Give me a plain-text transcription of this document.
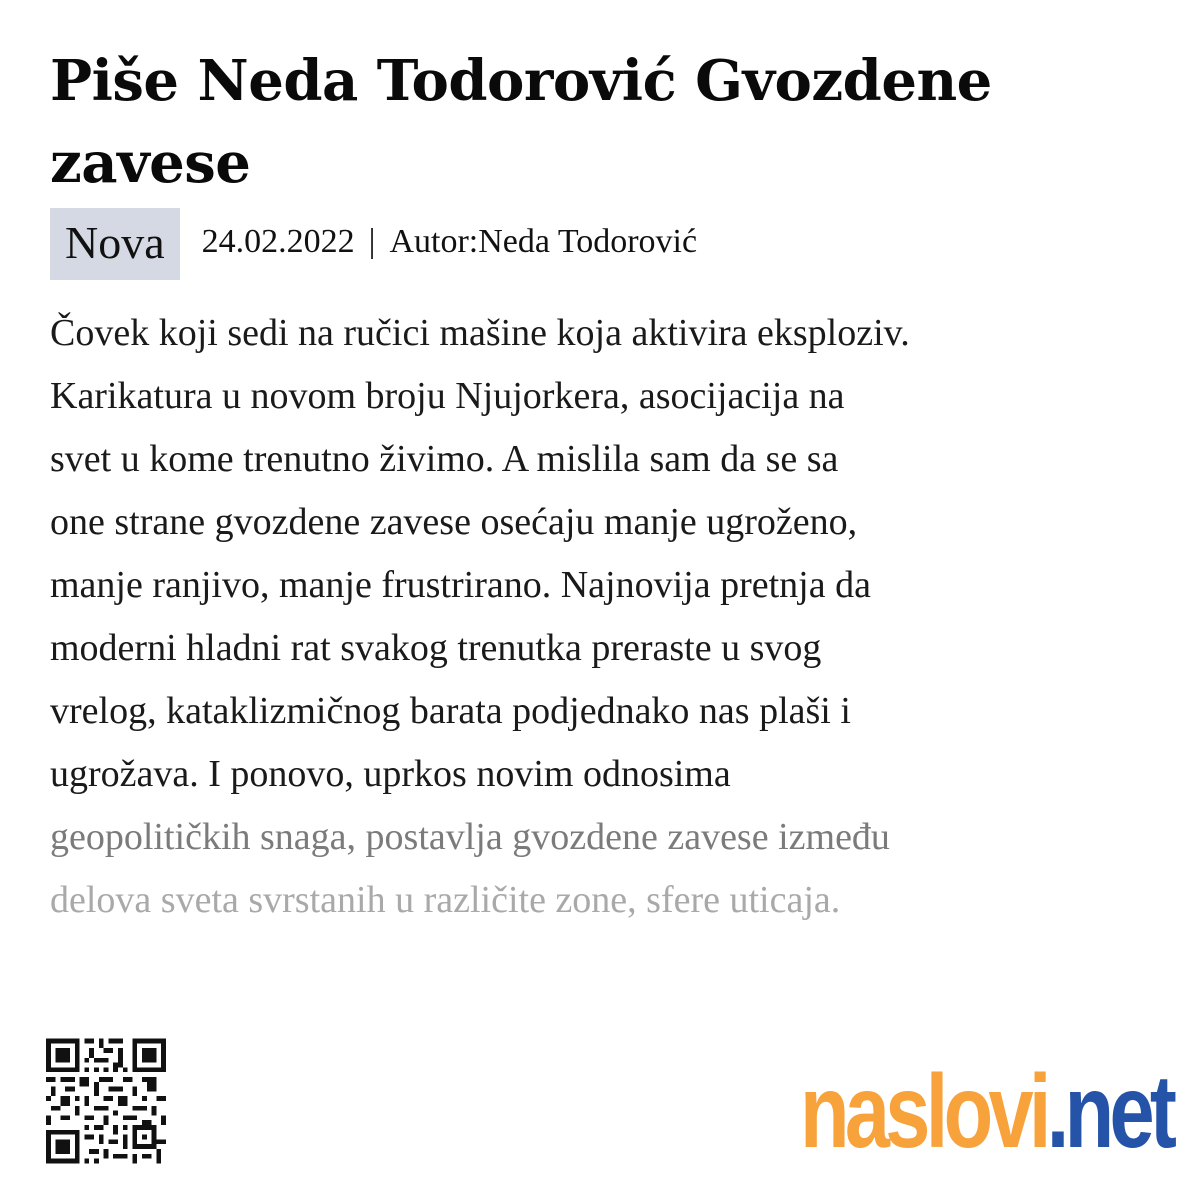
Piše Neda Todorović Gvozdene zavese
Nova	24.02.2022 | Autor:Neda Todorović
Čovek koji sedi na ručici mašine koja aktivira eksploziv.
Karikatura u novom broju Njujorkera, asocijacija na
svet u kome trenutno živimo. A mislila sam da se sa
one strane gvozdene zavese osećaju manje ugroženo,
manje ranjivo, manje frustrirano. Najnovija pretnja da
moderni hladni rat svakog trenutka preraste u svog
vrelog, kataklizmičnog barata podjednako nas plaši i
ugrožava. I ponovo, uprkos novim odnosima
geopolitičkih snaga, postavlja gvozdene zavese između
delova sveta svrstanih u različite zone, sfere uticaja.
naslovi.net
